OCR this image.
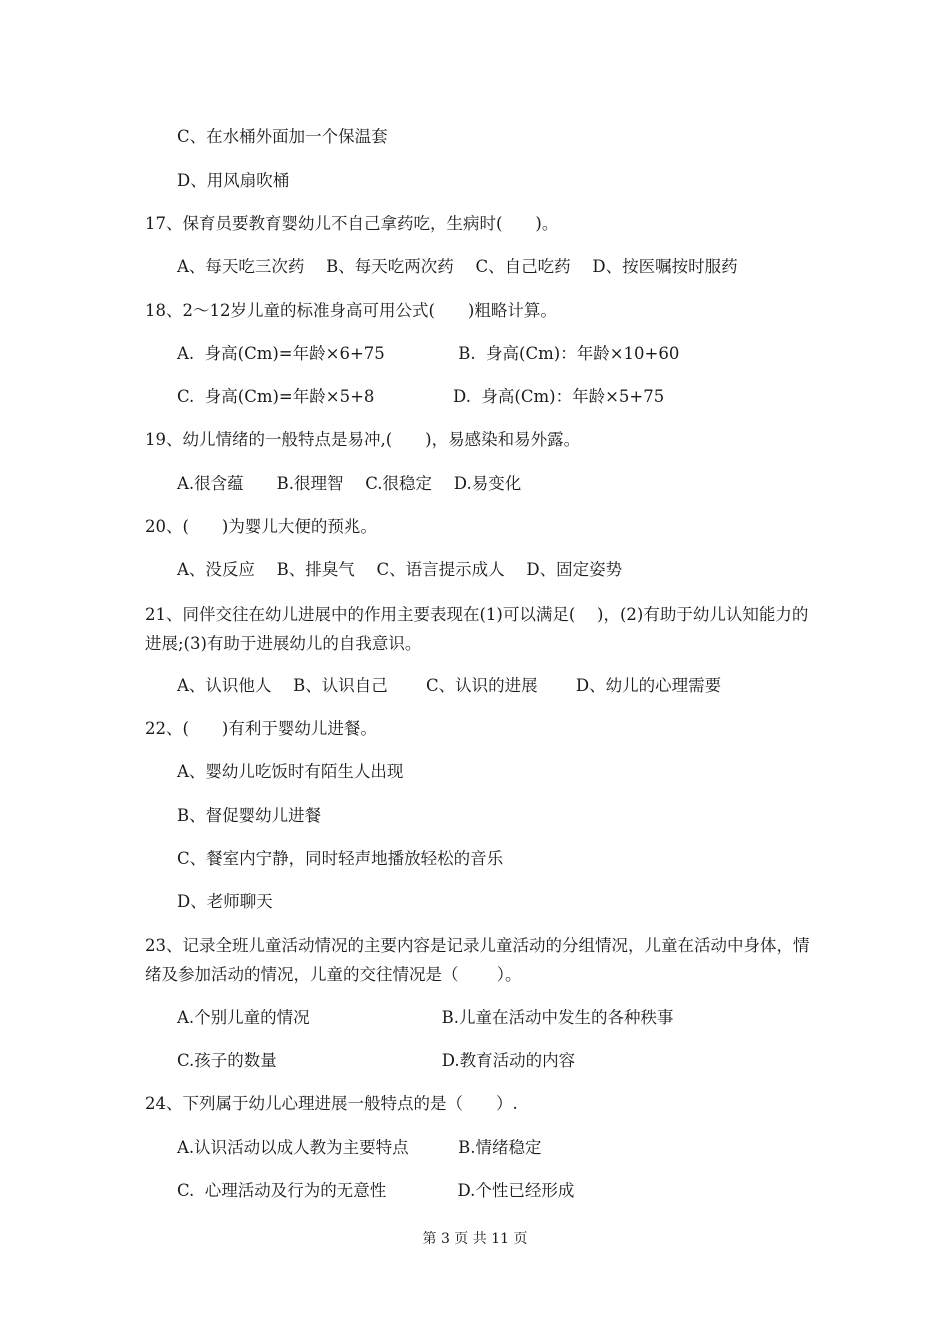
C、在水桶外面加一个保温套
D、用风扇吹桶
17、保育员要教育婴幼儿不自己拿药吃，生病时(　　)。
A、每天吃三次药　 B、每天吃两次药　 C、自己吃药　 D、按医嘱按时服药
18、2～12岁儿童的标准身高可用公式(　　)粗略计算。
A.  身高(Cm)=年龄×6+75              B.  身高(Cm)：年龄×10+60
C.  身高(Cm)=年龄×5+8               D.  身高(Cm)：年龄×5+75
19、幼儿情绪的一般特点是易冲,(　　)，易感染和易外露。
A.很含蕴　　B.很理智　 C.很稳定　 D.易变化
20、(　　)为婴儿大便的预兆。
A、没反应　 B、排臭气　 C、语言提示成人　 D、固定姿势
21、同伴交往在幼儿进展中的作用主要表现在(1)可以满足(　 )，(2)有助于幼儿认知能力的进展;(3)有助于进展幼儿的自我意识。
A、认识他人　 B、认识自己　　 C、认识的进展　　 D、幼儿的心理需要
22、(　　)有利于婴幼儿进餐。
A、婴幼儿吃饭时有陌生人出现
B、督促婴幼儿进餐
C、餐室内宁静，同时轻声地播放轻松的音乐
D、老师聊天
23、记录全班儿童活动情况的主要内容是记录儿童活动的分组情况，儿童在活动中身体，情绪及参加活动的情况，儿童的交往情况是（　　 ）。
A.个别儿童的情况　　　　　　　　B.儿童在活动中发生的各种秩事
C.孩子的数量　　　　　　　　　　D.教育活动的内容
24、下列属于幼儿心理进展一般特点的是（　　）.
A.认识活动以成人教为主要特点　　　B.情绪稳定
C.  心理活动及行为的无意性　　　　 D.个性已经形成
第 3 页 共 11 页
